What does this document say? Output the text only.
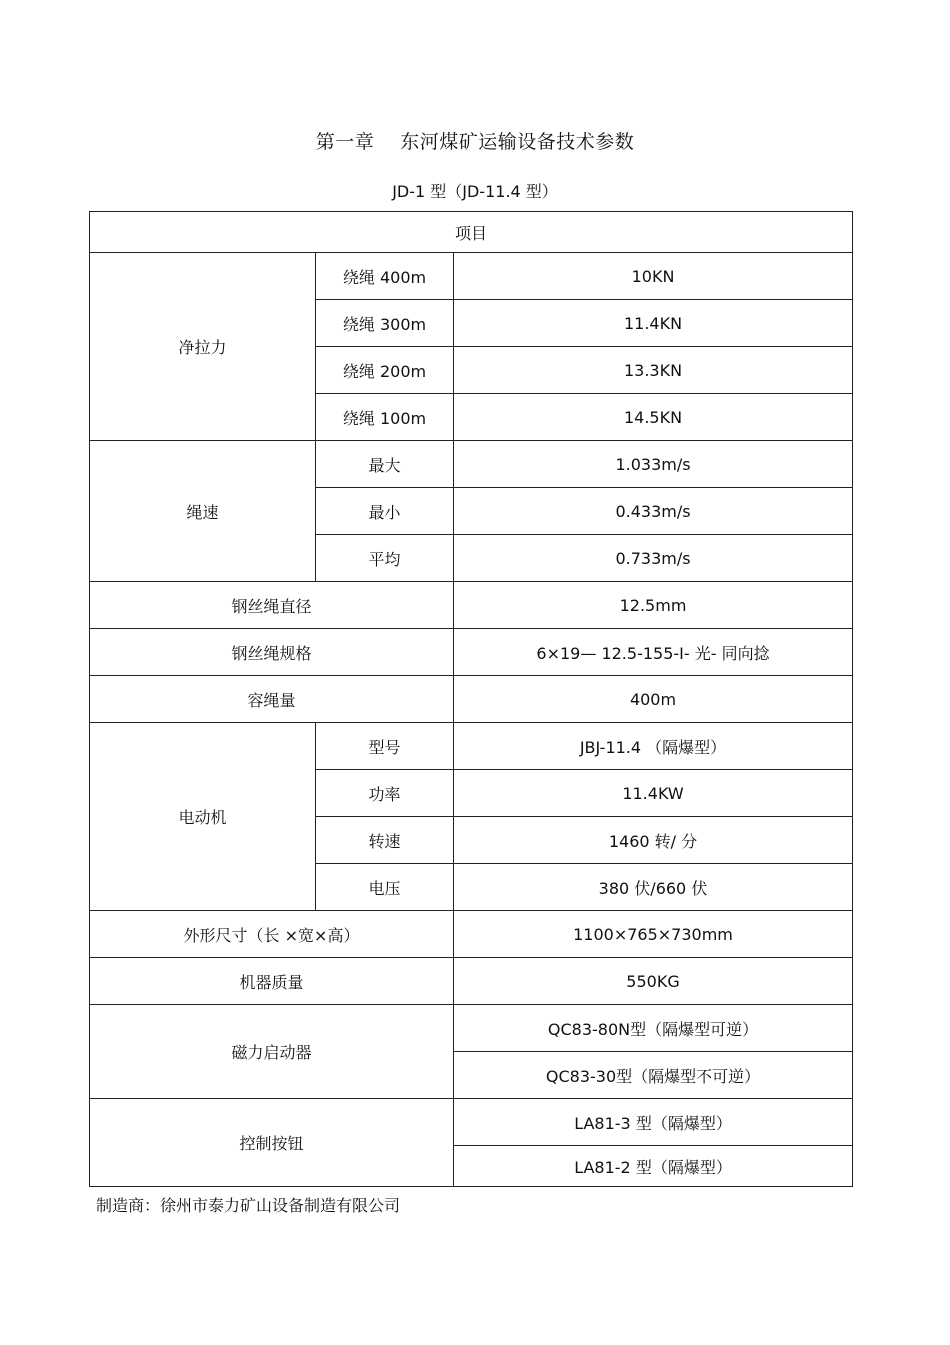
第一章 东河煤矿运输设备技术参数
JD-1 型（JD-11.4 型）
项目		
净拉力	绕绳 400m	10KN
	绕绳 300m	11.4KN
	绕绳 200m	13.3KN
	绕绳 100m	14.5KN
绳速	最大	1.033m/s
	最小	0.433m/s
	平均	0.733m/s
钢丝绳直径		12.5mm
钢丝绳规格		6×19— 12.5-155-I- 光- 同向捻
容绳量		400m
电动机	型号	JBJ-11.4 （隔爆型）
	功率	11.4KW
	转速	1460 转/ 分
	电压	380 伏/660 伏
外形尺寸（长 ×宽×高）		1100×765×730mm
机器质量		550KG
磁力启动器		QC83-80N型（隔爆型可逆）
		QC83-30型（隔爆型不可逆）
控制按钮		LA81-3 型（隔爆型）
		LA81-2 型（隔爆型）
制造商：徐州市泰力矿山设备制造有限公司
